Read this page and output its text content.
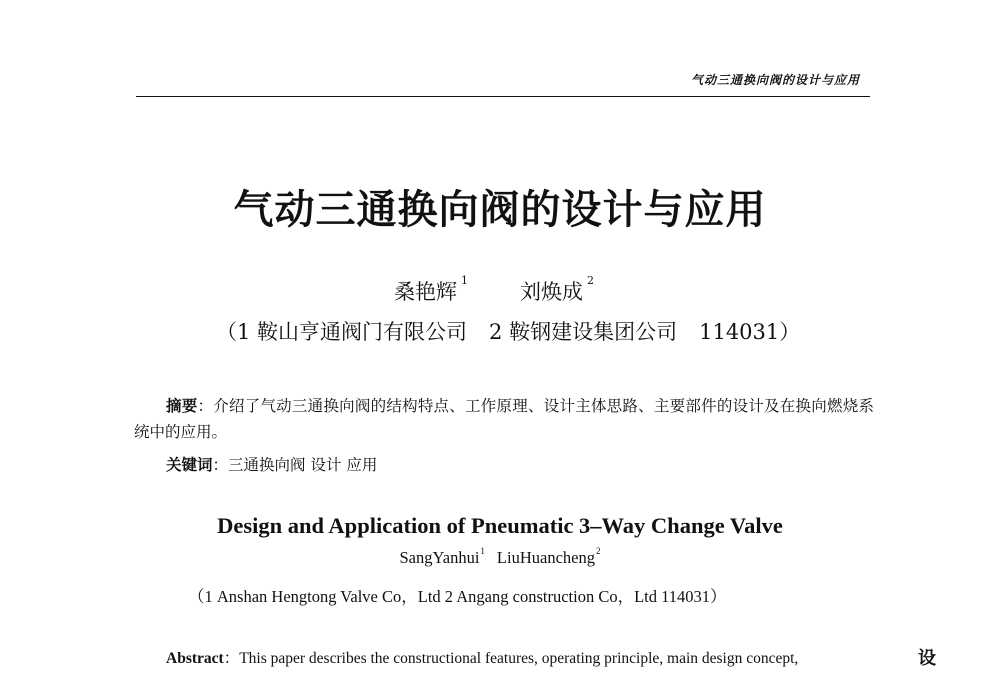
气动三通换向阀的设计与应用
气动三通换向阀的设计与应用
桑艳辉 $^1$ 刘焕成 $^2$
（1 鞍山亨通阀门有限公司 2 鞍钢建设集团公司 114031）
摘要：介绍了气动三通换向阀的结构特点、工作原理、设计主体思路、主要部件的设计及在换向燃烧系统中的应用。
关键词：三通换向阀 设计 应用
Design and Application of Pneumatic 3–Way Change Valve
SangYanhui$^1$ LiuHuancheng$^2$
（1 Anshan Hengtong Valve Co，Ltd 2 Angang construction Co，Ltd 114031）
Abstract：This paper describes the constructional features, operating principle, main design concept,	设
